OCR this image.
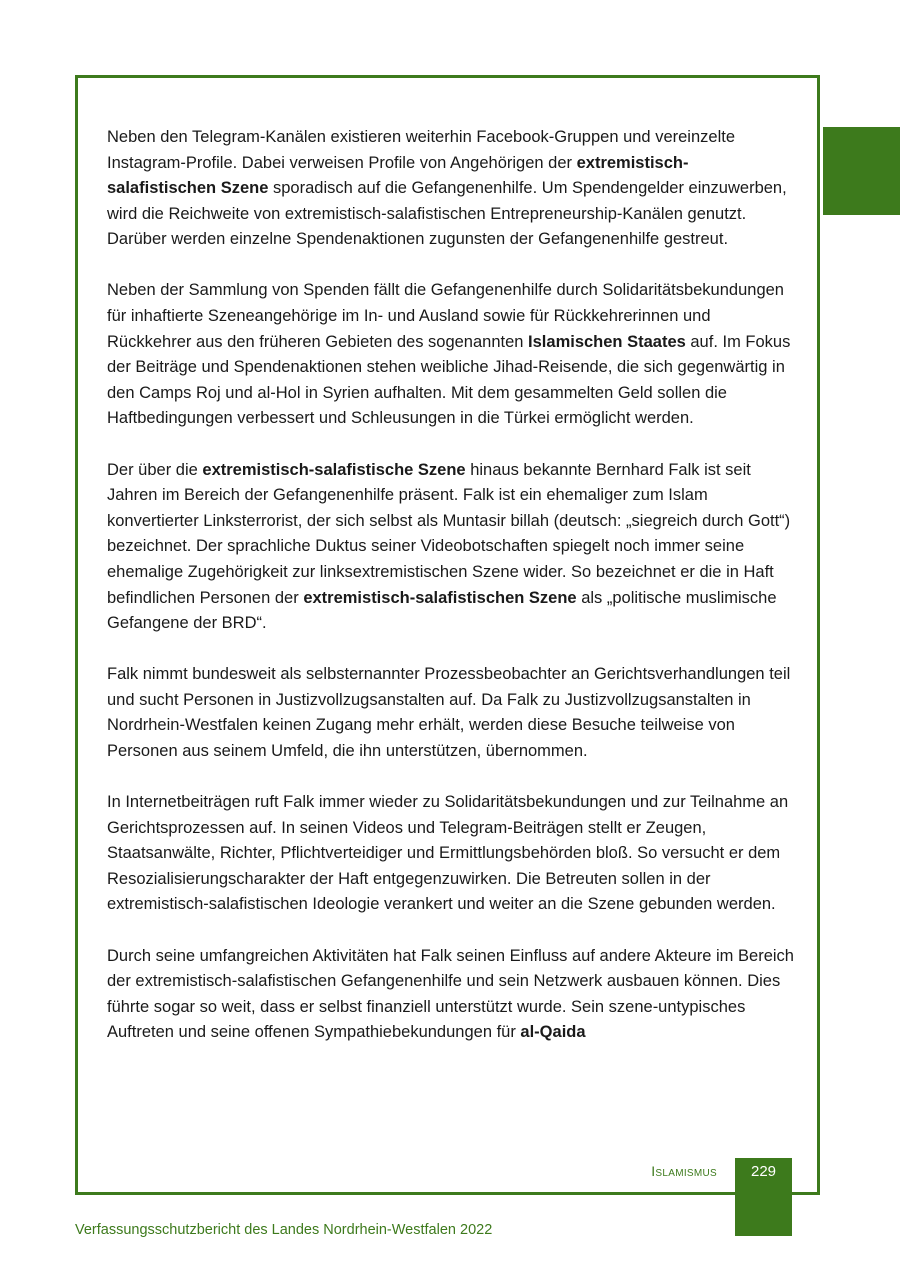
Neben den Telegram-Kanälen existieren weiterhin Facebook-Gruppen und vereinzelte Instagram-Profile. Dabei verweisen Profile von Angehörigen der extremistisch-salafistischen Szene sporadisch auf die Gefangenenhilfe. Um Spendengelder einzuwerben, wird die Reichweite von extremistisch-salafistischen Entrepreneurship-Kanälen genutzt. Darüber werden einzelne Spendenaktionen zugunsten der Gefangenenhilfe gestreut.

Neben der Sammlung von Spenden fällt die Gefangenenhilfe durch Solidaritätsbekundungen für inhaftierte Szeneangehörige im In- und Ausland sowie für Rückkehrerinnen und Rückkehrer aus den früheren Gebieten des sogenannten Islamischen Staates auf. Im Fokus der Beiträge und Spendenaktionen stehen weibliche Jihad-Reisende, die sich gegenwärtig in den Camps Roj und al-Hol in Syrien aufhalten. Mit dem gesammelten Geld sollen die Haftbedingungen verbessert und Schleusungen in die Türkei ermöglicht werden.

Der über die extremistisch-salafistische Szene hinaus bekannte Bernhard Falk ist seit Jahren im Bereich der Gefangenenhilfe präsent. Falk ist ein ehemaliger zum Islam konvertierter Linksterrorist, der sich selbst als Muntasir billah (deutsch: „siegreich durch Gott“) bezeichnet. Der sprachliche Duktus seiner Videobotschaften spiegelt noch immer seine ehemalige Zugehörigkeit zur linksextremistischen Szene wider. So bezeichnet er die in Haft befindlichen Personen der extremistisch-salafistischen Szene als „politische muslimische Gefangene der BRD“.

Falk nimmt bundesweit als selbsternannter Prozessbeobachter an Gerichtsverhandlungen teil und sucht Personen in Justizvollzugsanstalten auf. Da Falk zu Justizvollzugsanstalten in Nordrhein-Westfalen keinen Zugang mehr erhält, werden diese Besuche teilweise von Personen aus seinem Umfeld, die ihn unterstützen, übernommen.

In Internetbeiträgen ruft Falk immer wieder zu Solidaritätsbekundungen und zur Teilnahme an Gerichtsprozessen auf. In seinen Videos und Telegram-Beiträgen stellt er Zeugen, Staatsanwälte, Richter, Pflichtverteidiger und Ermittlungsbehörden bloß. So versucht er dem Resozialisierungscharakter der Haft entgegenzuwirken. Die Betreuten sollen in der extremistisch-salafistischen Ideologie verankert und weiter an die Szene gebunden werden.

Durch seine umfangreichen Aktivitäten hat Falk seinen Einfluss auf andere Akteure im Bereich der extremistisch-salafistischen Gefangenenhilfe und sein Netzwerk ausbauen können. Dies führte sogar so weit, dass er selbst finanziell unterstützt wurde. Sein szene-untypisches Auftreten und seine offenen Sympathiebekundungen für al-Qaida

Islamismus	229
Verfassungsschutzbericht des Landes Nordrhein-Westfalen 2022
